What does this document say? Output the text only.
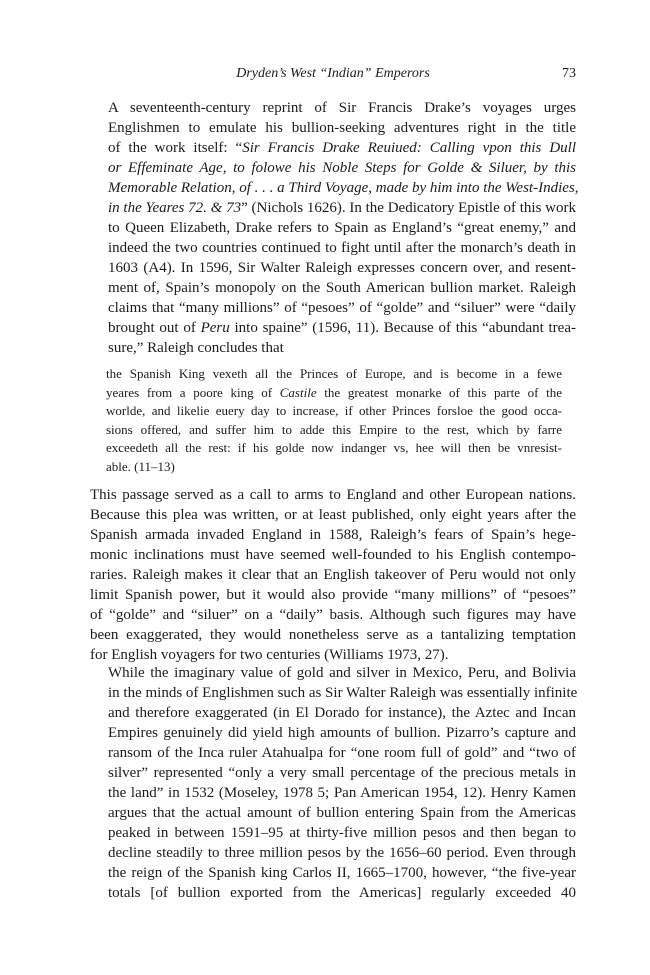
Dryden’s West “Indian” Emperors	73
A seventeenth-century reprint of Sir Francis Drake’s voyages urges
Englishmen to emulate his bullion-seeking adventures right in the title
of the work itself: “Sir Francis Drake Reuiued: Calling vpon this Dull
or Effeminate Age, to folowe his Noble Steps for Golde & Siluer, by this
Memorable Relation, of . . . a Third Voyage, made by him into the West-Indies,
in the Yeares 72. & 73” (Nichols 1626). In the Dedicatory Epistle of this work
to Queen Elizabeth, Drake refers to Spain as England’s “great enemy,” and
indeed the two countries continued to fight until after the monarch’s death in
1603 (A4). In 1596, Sir Walter Raleigh expresses concern over, and resent-
ment of, Spain’s monopoly on the South American bullion market. Raleigh
claims that “many millions” of “pesoes” of “golde” and “siluer” were “daily
brought out of Peru into spaine” (1596, 11). Because of this “abundant trea-
sure,” Raleigh concludes that
the Spanish King vexeth all the Princes of Europe, and is become in a fewe
yeares from a poore king of Castile the greatest monarke of this parte of the
worlde, and likelie euery day to increase, if other Princes forsloe the good occa-
sions offered, and suffer him to adde this Empire to the rest, which by farre
exceedeth all the rest: if his golde now indanger vs, hee will then be vnresist-
able. (11–13)
This passage served as a call to arms to England and other European nations.
Because this plea was written, or at least published, only eight years after the
Spanish armada invaded England in 1588, Raleigh’s fears of Spain’s hege-
monic inclinations must have seemed well-founded to his English contempo-
raries. Raleigh makes it clear that an English takeover of Peru would not only
limit Spanish power, but it would also provide “many millions” of “pesoes”
of “golde” and “siluer” on a “daily” basis. Although such figures may have
been exaggerated, they would nonetheless serve as a tantalizing temptation
for English voyagers for two centuries (Williams 1973, 27).
While the imaginary value of gold and silver in Mexico, Peru, and Bolivia
in the minds of Englishmen such as Sir Walter Raleigh was essentially infinite
and therefore exaggerated (in El Dorado for instance), the Aztec and Incan
Empires genuinely did yield high amounts of bullion. Pizarro’s capture and
ransom of the Inca ruler Atahualpa for “one room full of gold” and “two of
silver” represented “only a very small percentage of the precious metals in
the land” in 1532 (Moseley, 1978 5; Pan American 1954, 12). Henry Kamen
argues that the actual amount of bullion entering Spain from the Americas
peaked in between 1591–95 at thirty-five million pesos and then began to
decline steadily to three million pesos by the 1656–60 period. Even through
the reign of the Spanish king Carlos II, 1665–1700, however, “the five-year
totals [of bullion exported from the Americas] regularly exceeded 40
